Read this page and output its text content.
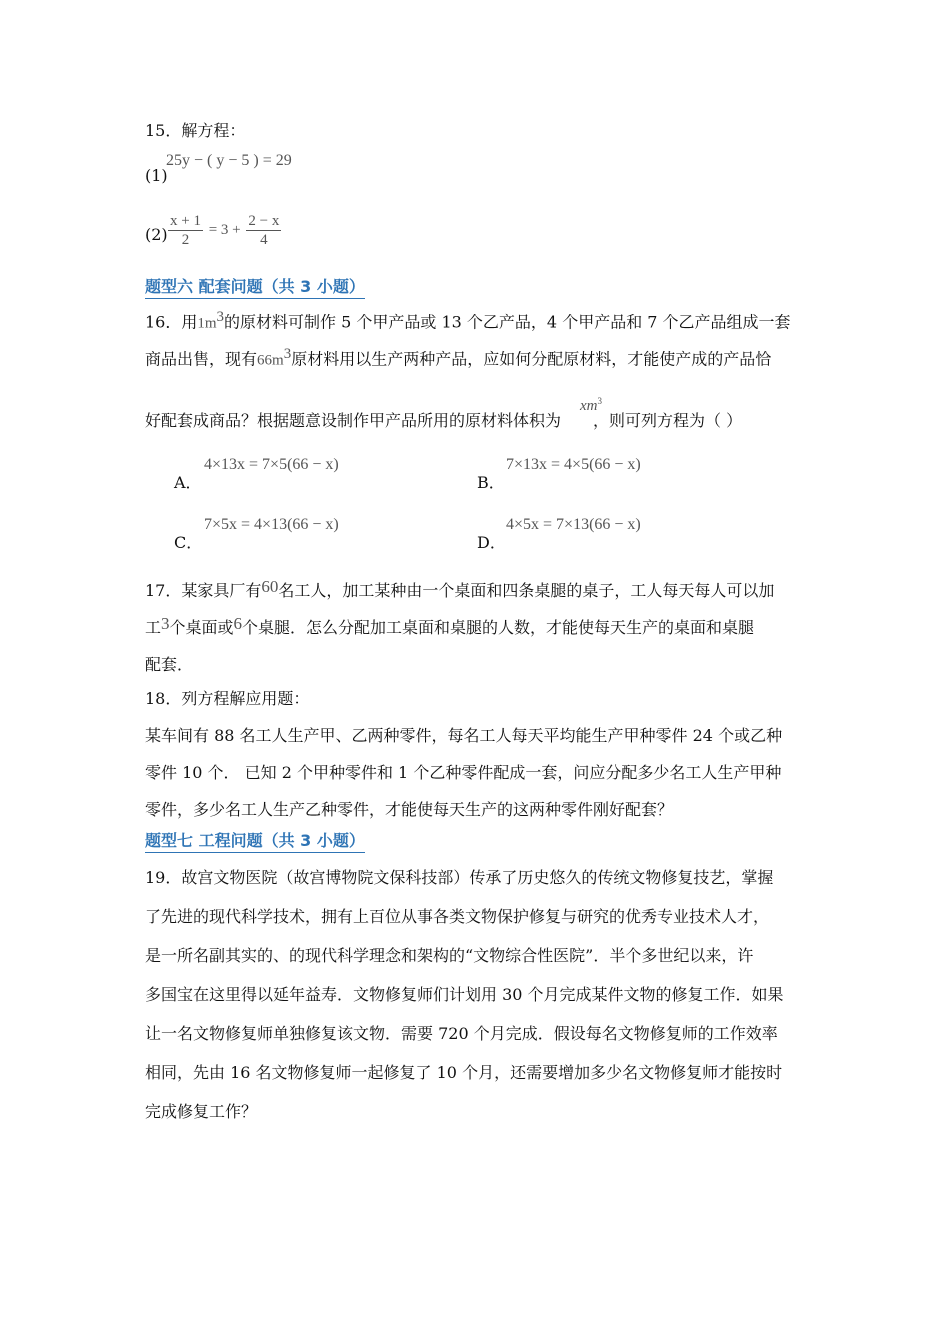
15．解方程：
(1)
25y − ( y − 5 ) = 29
$(2) \frac{x + 1}{2} = 3 + \frac{2 - x}{4}$
题型六 配套问题（共 3 小题）
16．用$1m^3$的原材料可制作 5 个甲产品或 13 个乙产品，4 个甲产品和 7 个乙产品组成一套
商品出售，现有$66m^3$原材料用以生产两种产品，应如何分配原材料，才能使产成的产品恰
$xm^3$
好配套成商品？根据题意设制作甲产品所用的原材料体积为 ，则可列方程为（ ）
A．
4×13x = 7×5(66 − x)
B．
7×13x = 4×5(66 − x)
C．
7×5x = 4×13(66 − x)
D．
4×5x = 7×13(66 − x)
17．某家具厂有60名工人，加工某种由一个桌面和四条桌腿的桌子，工人每天每人可以加
工3个桌面或6个桌腿．怎么分配加工桌面和桌腿的人数，才能使每天生产的桌面和桌腿
配套．
18．列方程解应用题：
某车间有 88 名工人生产甲、乙两种零件，每名工人每天平均能生产甲种零件 24 个或乙种
零件 10 个． 已知 2 个甲种零件和 1 个乙种零件配成一套，问应分配多少名工人生产甲种
零件，多少名工人生产乙种零件，才能使每天生产的这两种零件刚好配套？
题型七 工程问题（共 3 小题）
19．故宫文物医院（故宫博物院文保科技部）传承了历史悠久的传统文物修复技艺，掌握
了先进的现代科学技术，拥有上百位从事各类文物保护修复与研究的优秀专业技术人才，
是一所名副其实的、的现代科学理念和架构的“文物综合性医院”．半个多世纪以来，许
多国宝在这里得以延年益寿．文物修复师们计划用 30 个月完成某件文物的修复工作．如果
让一名文物修复师单独修复该文物．需要 720 个月完成．假设每名文物修复师的工作效率
相同，先由 16 名文物修复师一起修复了 10 个月，还需要增加多少名文物修复师才能按时
完成修复工作？
